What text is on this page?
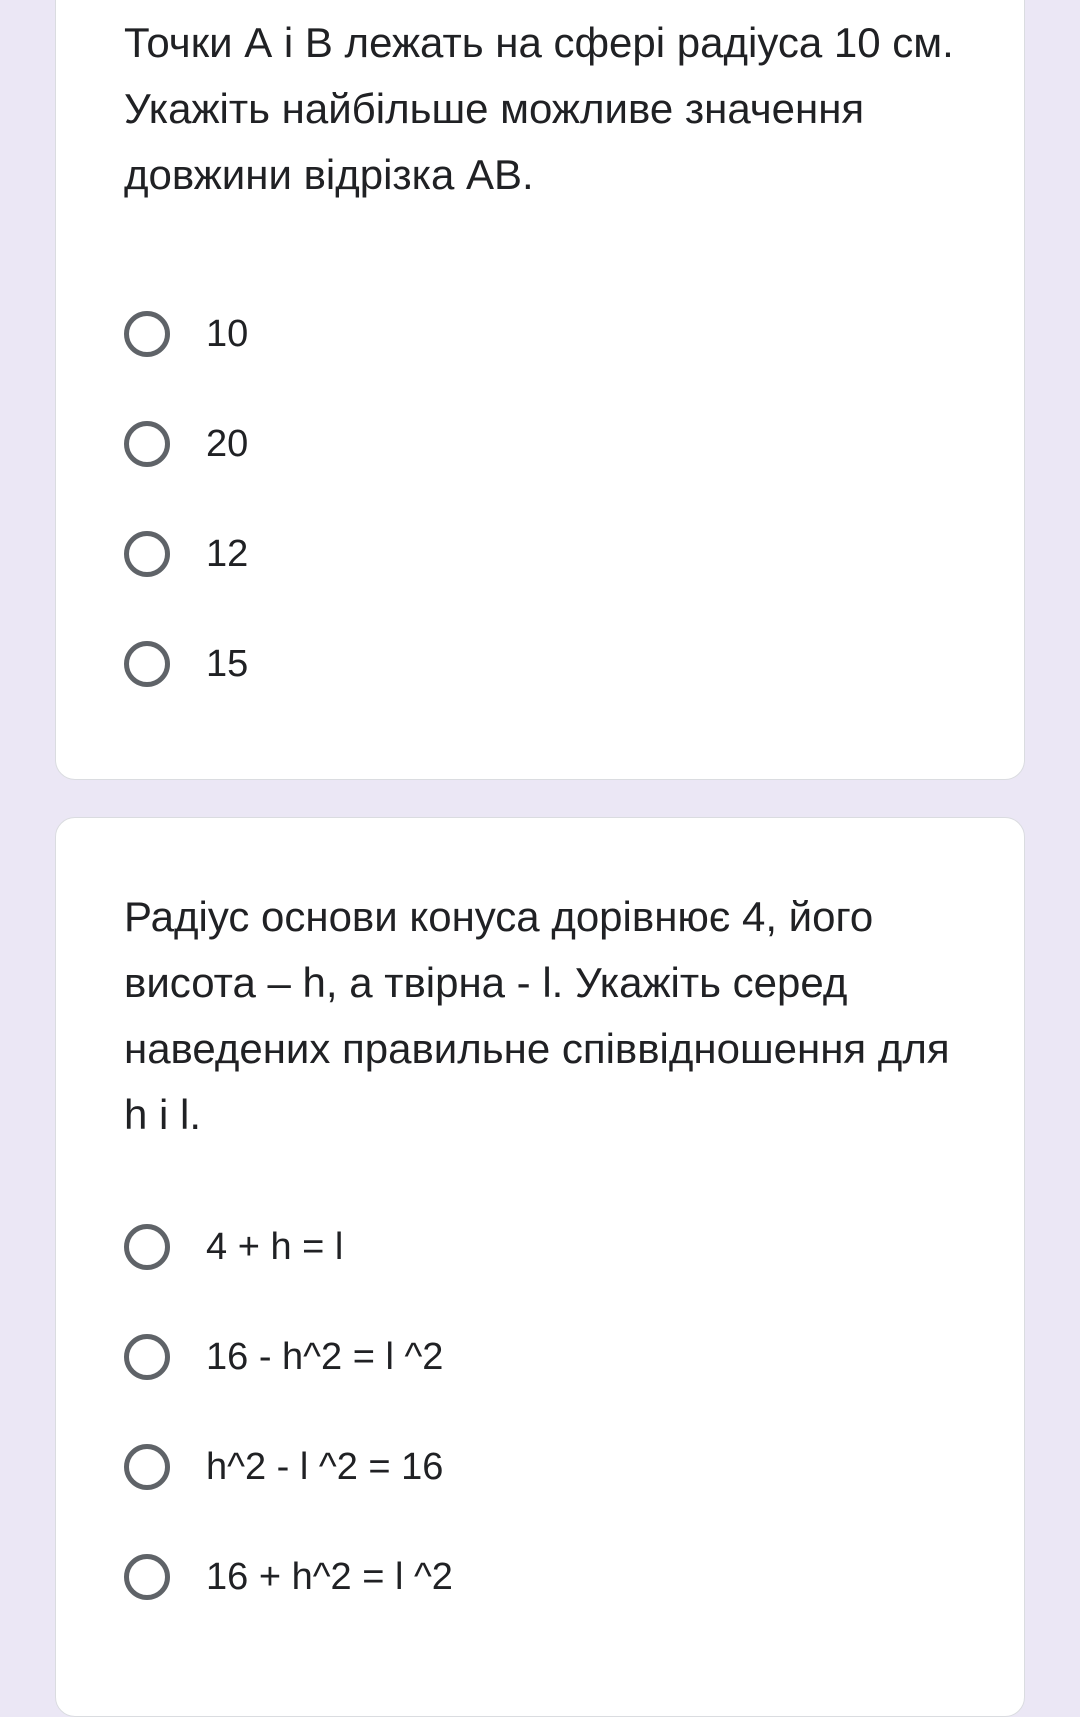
Точки А і В лежать на сфері радіуса 10 см. Укажіть найбільше можливе значення довжини відрізка АВ.

10
20
12
15

Радіус основи конуса дорівнює 4, його висота – h, а твірна - l. Укажіть серед наведених правильне співвідношення для h і l.

4 + h = l
16 - h^2 = l ^2
h^2 - l ^2 = 16
16 + h^2 = l ^2
